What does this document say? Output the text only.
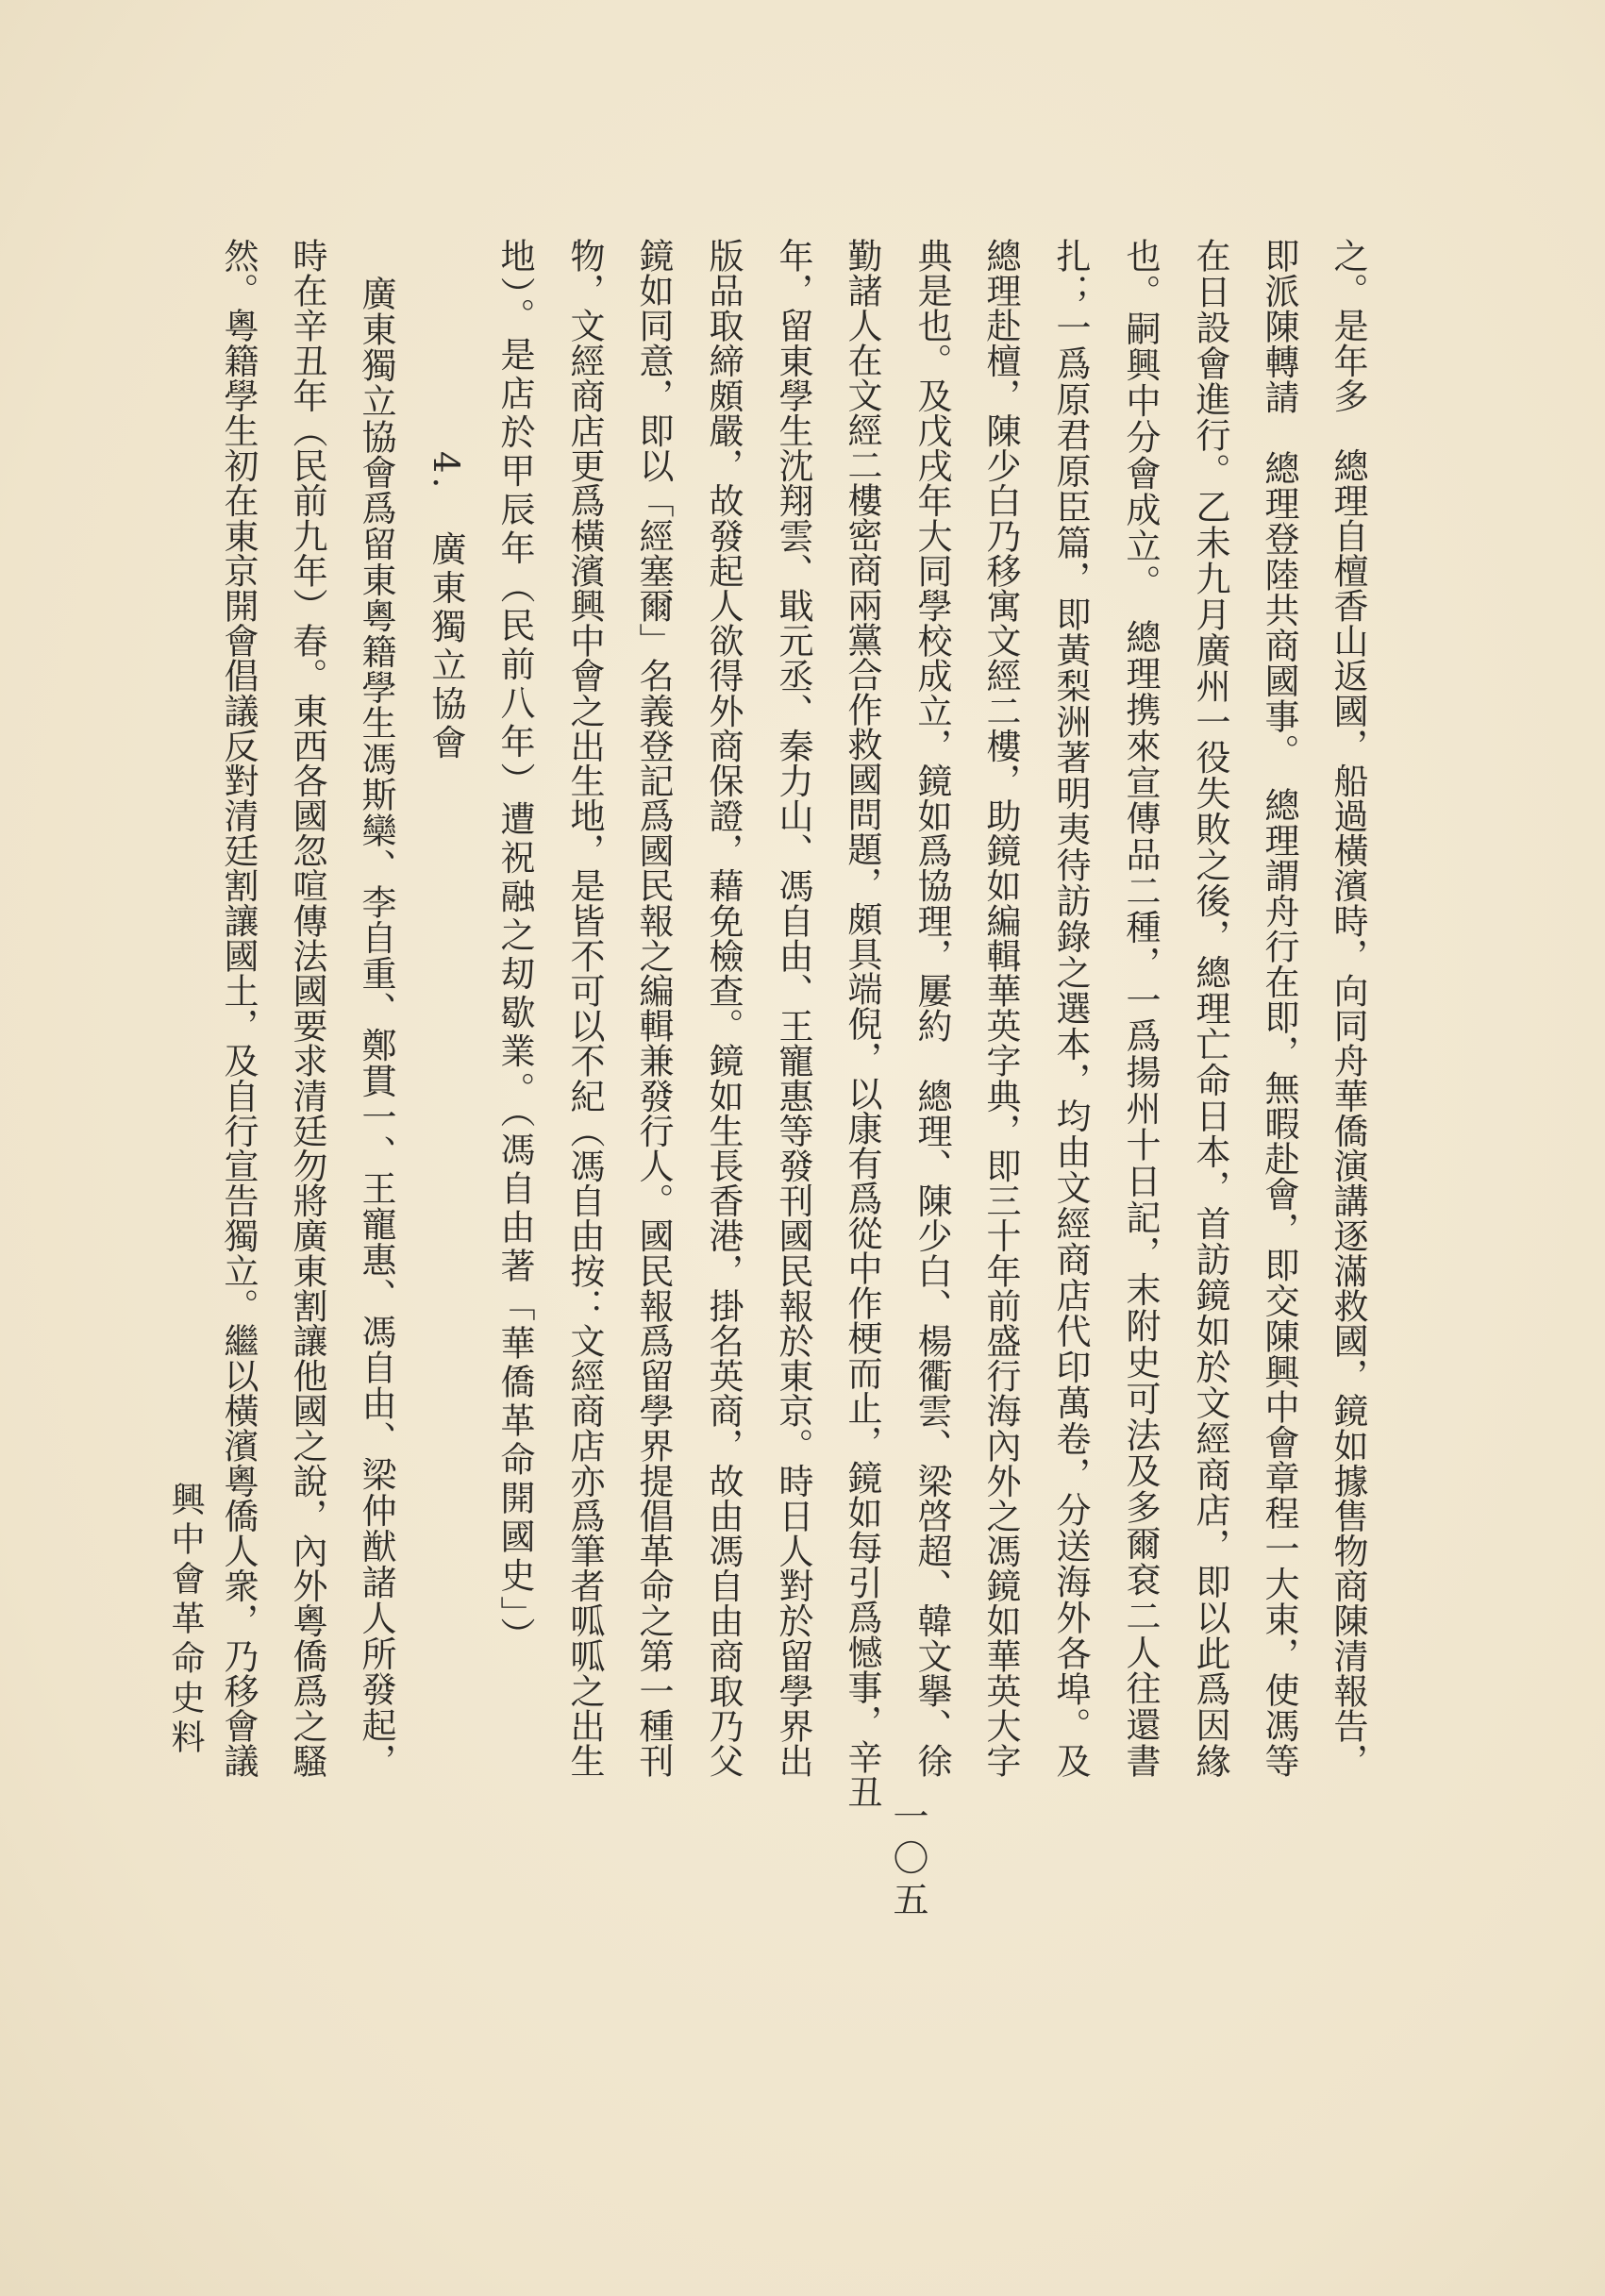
之。是年多　總理自檀香山返國，船過橫濱時，向同舟華僑演講逐滿救國，鏡如據售物商陳清報告，
即派陳轉請　總理登陸共商國事。　總理謂舟行在即，無暇赴會，即交陳興中會章程一大束，使馮等
在日設會進行。乙未九月廣州一役失敗之後，總理亡命日本，首訪鏡如於文經商店，即以此爲因緣
也。嗣興中分會成立。　總理携來宣傳品二種，一爲揚州十日記，末附史可法及多爾袞二人往還書
扎；一爲原君原臣篇，即黃梨洲著明夷待訪錄之選本，均由文經商店代印萬卷，分送海外各埠。及
總理赴檀，陳少白乃移寓文經二樓，助鏡如編輯華英字典，即三十年前盛行海內外之馮鏡如華英大字
典是也。及戊戌年大同學校成立，鏡如爲協理，屢約　總理、陳少白、楊衢雲、梁啓超、韓文擧、徐
勤諸人在文經二樓密商兩黨合作救國問題，頗具端倪，以康有爲從中作梗而止，鏡如每引爲憾事，辛丑
年，留東學生沈翔雲、戢元丞、秦力山、馮自由、王寵惠等發刊國民報於東京。時日人對於留學界出
版品取締頗嚴，故發起人欲得外商保證，藉免檢查。鏡如生長香港，掛名英商，故由馮自由商取乃父
鏡如同意，即以「經塞爾」名義登記爲國民報之編輯兼發行人。國民報爲留學界提倡革命之第一種刊
物，文經商店更爲橫濱興中會之出生地，是皆不可以不紀（馮自由按：文經商店亦爲筆者呱呱之出生
地）。是店於甲辰年（民前八年）遭祝融之刧歇業。（馮自由著「華僑革命開國史」）
4.　廣東獨立協會
廣東獨立協會爲留東粵籍學生馮斯欒、李自重、鄭貫一、王寵惠、馮自由、梁仲猷諸人所發起，
時在辛丑年（民前九年）春。東西各國忽喧傳法國要求清廷勿將廣東割讓他國之說，內外粵僑爲之騷
然。粵籍學生初在東京開會倡議反對清廷割讓國土，及自行宣告獨立。繼以橫濱粵僑人衆，乃移會議
興中會革命史料
一〇五
